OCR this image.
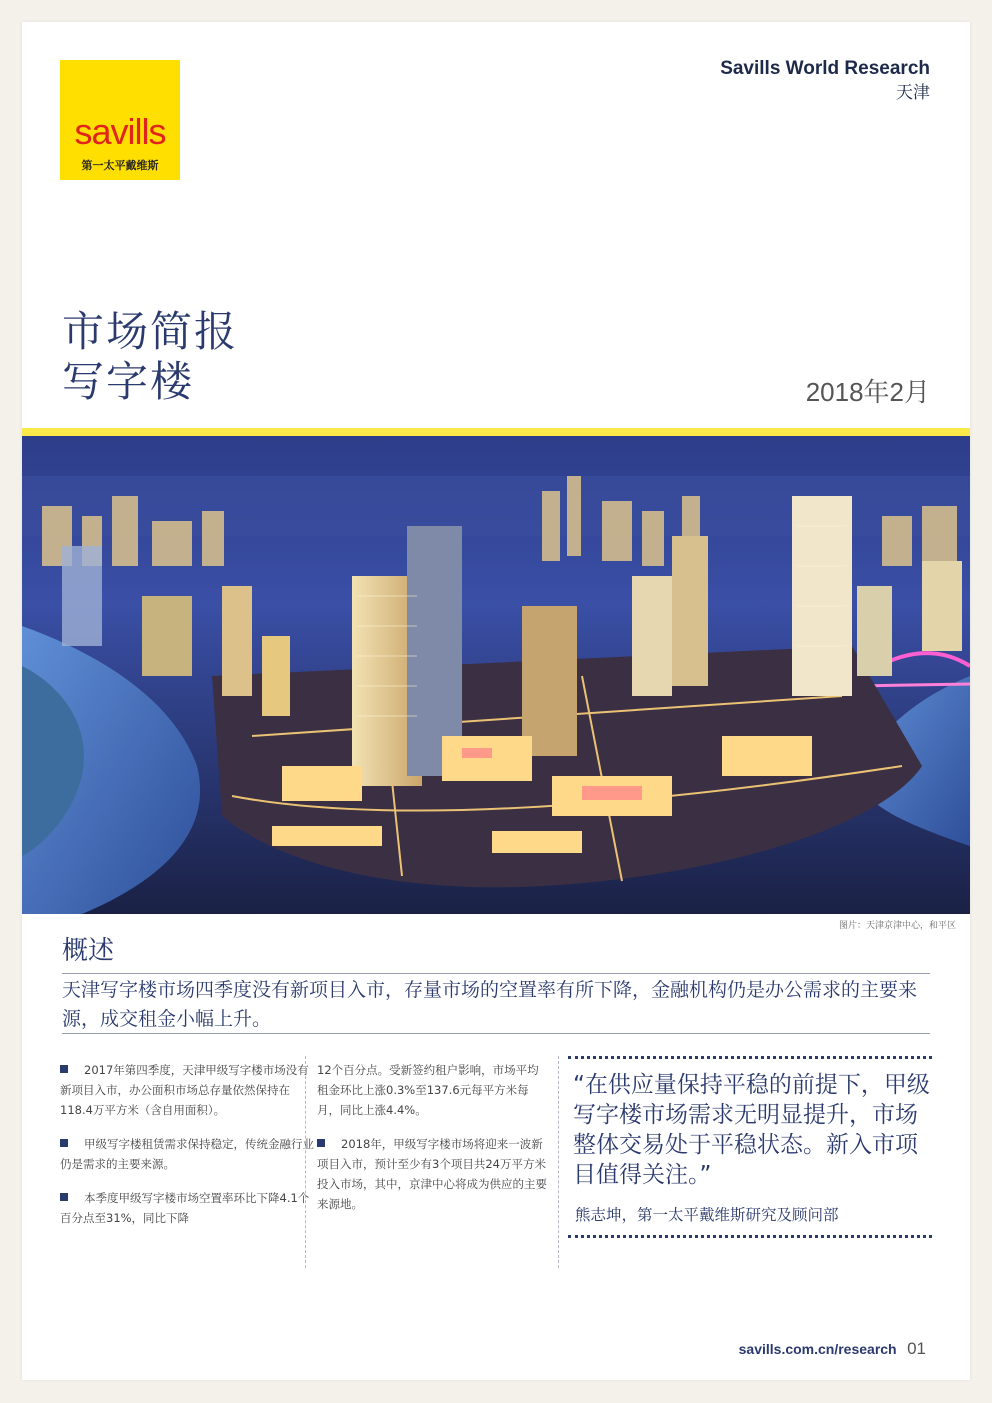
savills
第一太平戴维斯
Savills World Research
天津
市场简报
写字楼	2018年2月
图片：天津京津中心，和平区
概述
天津写字楼市场四季度没有新项目入市，存量市场的空置率有所下降，金融机构仍是办公需求的主要来源，成交租金小幅上升。

2017年第四季度，天津甲级写字楼市场没有新项目入市，办公面积市场总存量依然保持在118.4万平方米（含自用面积）。

甲级写字楼租赁需求保持稳定，传统金融行业仍是需求的主要来源。

本季度甲级写字楼市场空置率环比下降4.1个百分点至31%，同比下降

12个百分点。受新签约租户影响，市场平均租金环比上涨0.3%至137.6元每平方米每月，同比上涨4.4%。

2018年，甲级写字楼市场将迎来一波新项目入市，预计至少有3个项目共24万平方米投入市场，其中，京津中心将成为供应的主要来源地。

“在供应量保持平稳的前提下，甲级写字楼市场需求无明显提升，市场整体交易处于平稳状态。新入市项目值得关注。”
熊志坤，第一太平戴维斯研究及顾问部
savills.com.cn/research 01
